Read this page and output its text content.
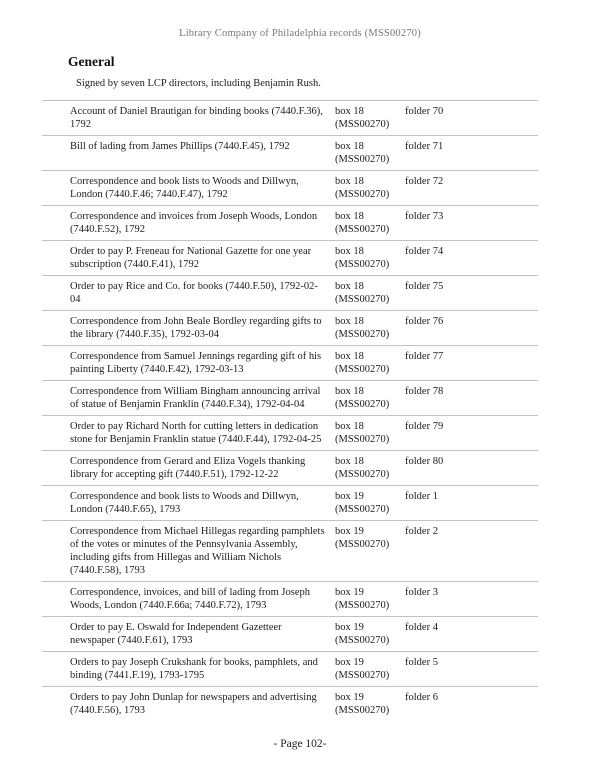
Library Company of Philadelphia records (MSS00270)
General
Signed by seven LCP directors, including Benjamin Rush.
Account of Daniel Brautigan for binding books (7440.F.36), 1792
box 18
(MSS00270)
folder 70
Bill of lading from James Phillips (7440.F.45), 1792	box 18
(MSS00270)
folder 71
Correspondence and book lists to Woods and Dillwyn, London (7440.F.46; 7440.F.47), 1792
box 18
(MSS00270)
folder 72
Correspondence and invoices from Joseph Woods, London (7440.F.52), 1792
box 18
(MSS00270)
folder 73
Order to pay P. Freneau for National Gazette for one year subscription (7440.F.41), 1792
box 18
(MSS00270)
folder 74
Order to pay Rice and Co. for books (7440.F.50), 1792-02-04
box 18
(MSS00270)
folder 75
Correspondence from John Beale Bordley regarding gifts to the library (7440.F.35), 1792-03-04
box 18
(MSS00270)
folder 76
Correspondence from Samuel Jennings regarding gift of his painting Liberty (7440.F.42), 1792-03-13
box 18
(MSS00270)
folder 77
Correspondence from William Bingham announcing arrival of statue of Benjamin Franklin (7440.F.34), 1792-04-04
box 18
(MSS00270)
folder 78
Order to pay Richard North for cutting letters in dedication stone for Benjamin Franklin statue (7440.F.44), 1792-04-25
box 18
(MSS00270)
folder 79
Correspondence from Gerard and Eliza Vogels thanking library for accepting gift (7440.F.51), 1792-12-22
box 18
(MSS00270)
folder 80
Correspondence and book lists to Woods and Dillwyn, London (7440.F.65), 1793
box 19
(MSS00270)
folder 1
Correspondence from Michael Hillegas regarding pamphlets of the votes or minutes of the Pennsylvania Assembly, including gifts from Hillegas and William Nichols (7440.F.58), 1793
box 19
(MSS00270)
folder 2
Correspondence, invoices, and bill of lading from Joseph Woods, London (7440.F.66a; 7440.F.72), 1793
box 19
(MSS00270)
folder 3
Order to pay E. Oswald for Independent Gazetteer newspaper (7440.F.61), 1793
box 19
(MSS00270)
folder 4
Orders to pay Joseph Crukshank for books, pamphlets, and binding (7441.F.19), 1793-1795
box 19
(MSS00270)
folder 5
Orders to pay John Dunlap for newspapers and advertising (7440.F.56), 1793
box 19
(MSS00270)
folder 6
- Page 102-
